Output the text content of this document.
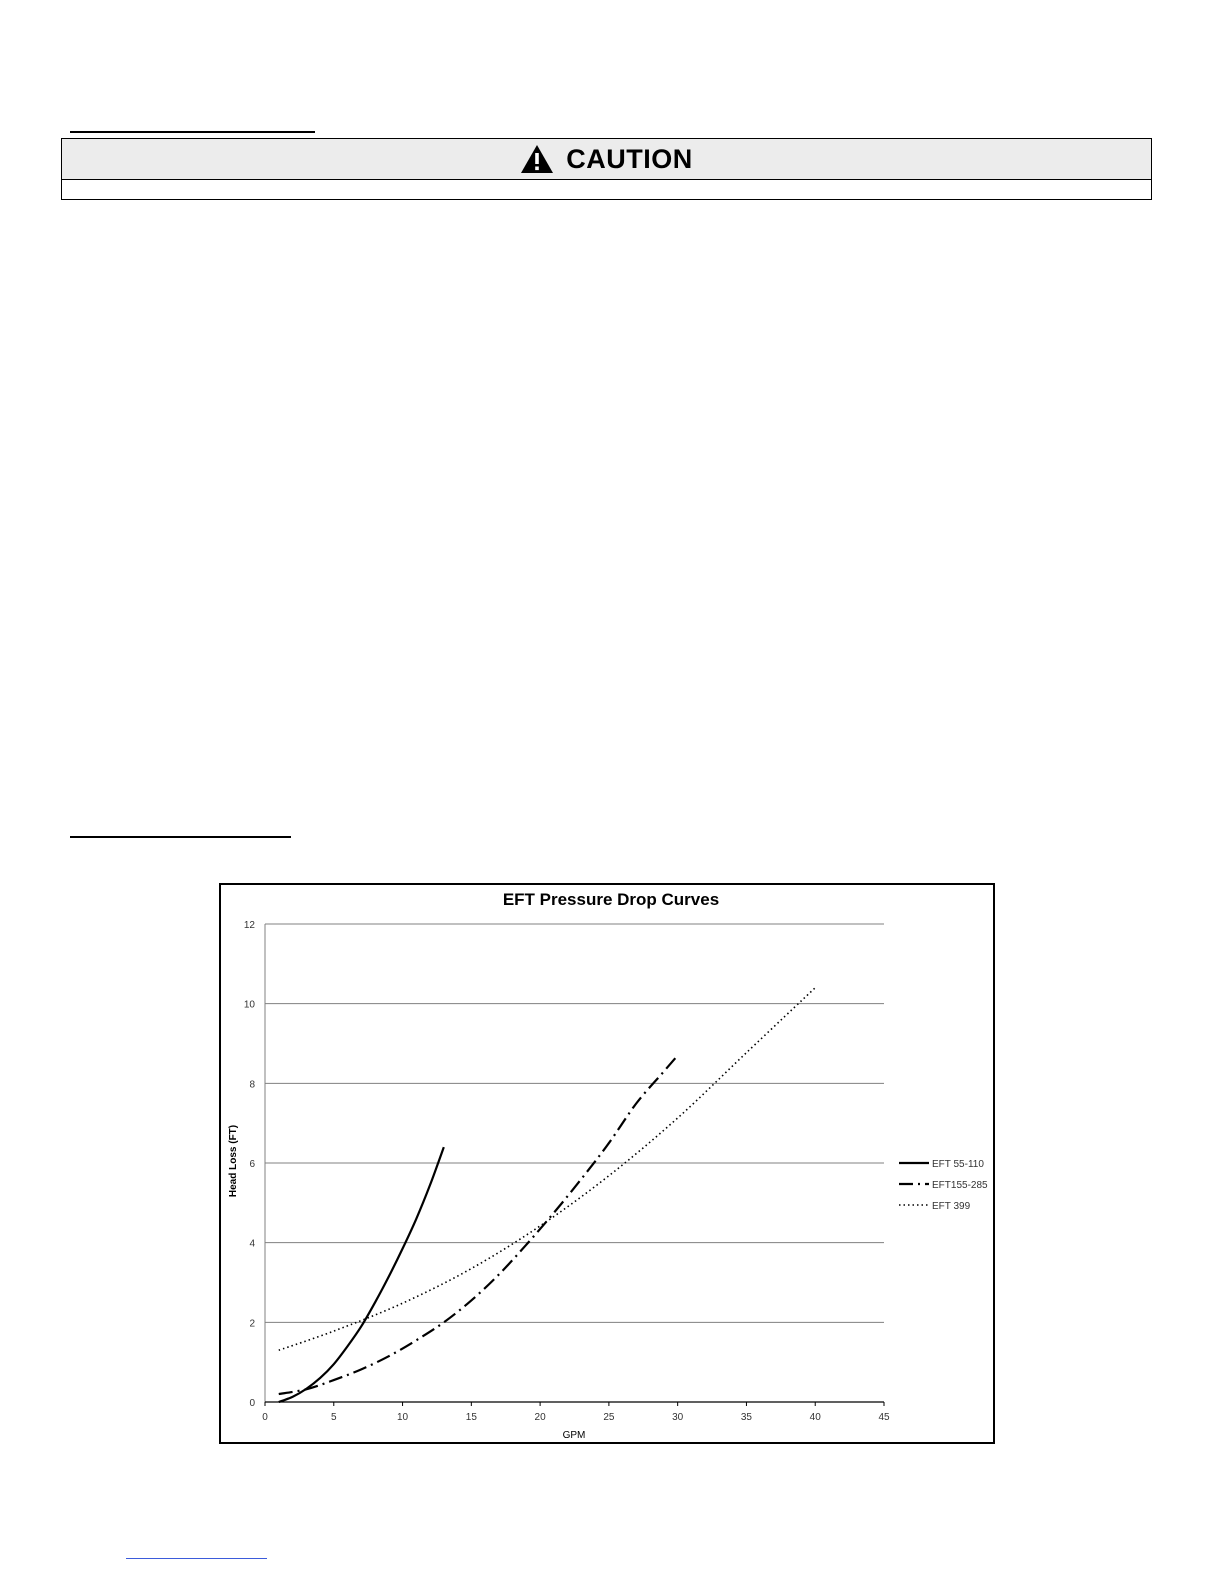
CAUTION
EFT Pressure Drop Curves
0
2
4
6
8
10
12
0	5	10	15	20	25	30	35	40	45
EFT 55-110
EFT155-285
EFT 399
GPM
Head Loss (FT)
